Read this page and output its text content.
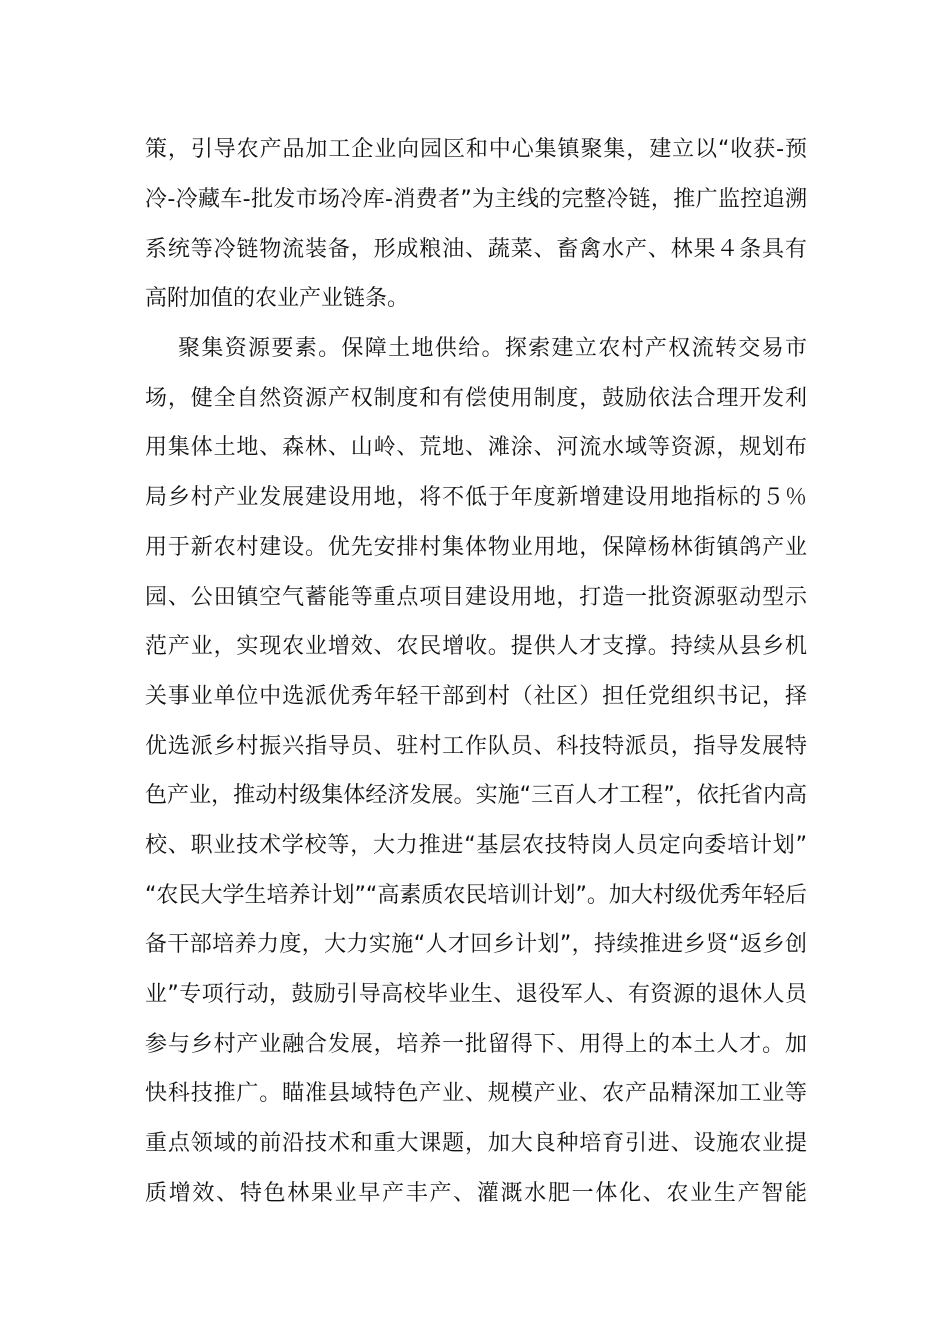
策，引导农产品加工企业向园区和中心集镇聚集，建立以“收获-预
冷-冷藏车-批发市场冷库-消费者”为主线的完整冷链，推广监控追溯
系统等冷链物流装备，形成粮油、蔬菜、畜禽水产、林果４条具有
高附加值的农业产业链条。
聚集资源要素。保障土地供给。探索建立农村产权流转交易市
场，健全自然资源产权制度和有偿使用制度，鼓励依法合理开发利
用集体土地、森林、山岭、荒地、滩涂、河流水域等资源，规划布
局乡村产业发展建设用地，将不低于年度新增建设用地指标的５％
用于新农村建设。优先安排村集体物业用地，保障杨林街镇鸽产业
园、公田镇空气蓄能等重点项目建设用地，打造一批资源驱动型示
范产业，实现农业增效、农民增收。提供人才支撑。持续从县乡机
关事业单位中选派优秀年轻干部到村（社区）担任党组织书记，择
优选派乡村振兴指导员、驻村工作队员、科技特派员，指导发展特
色产业，推动村级集体经济发展。实施“三百人才工程”，依托省内高
校、职业技术学校等，大力推进“基层农技特岗人员定向委培计划”
“农民大学生培养计划”“高素质农民培训计划”。加大村级优秀年轻后
备干部培养力度，大力实施“人才回乡计划”，持续推进乡贤“返乡创
业”专项行动，鼓励引导高校毕业生、退役军人、有资源的退休人员
参与乡村产业融合发展，培养一批留得下、用得上的本土人才。加
快科技推广。瞄准县域特色产业、规模产业、农产品精深加工业等
重点领域的前沿技术和重大课题，加大良种培育引进、设施农业提
质增效、特色林果业早产丰产、灌溉水肥一体化、农业生产智能
